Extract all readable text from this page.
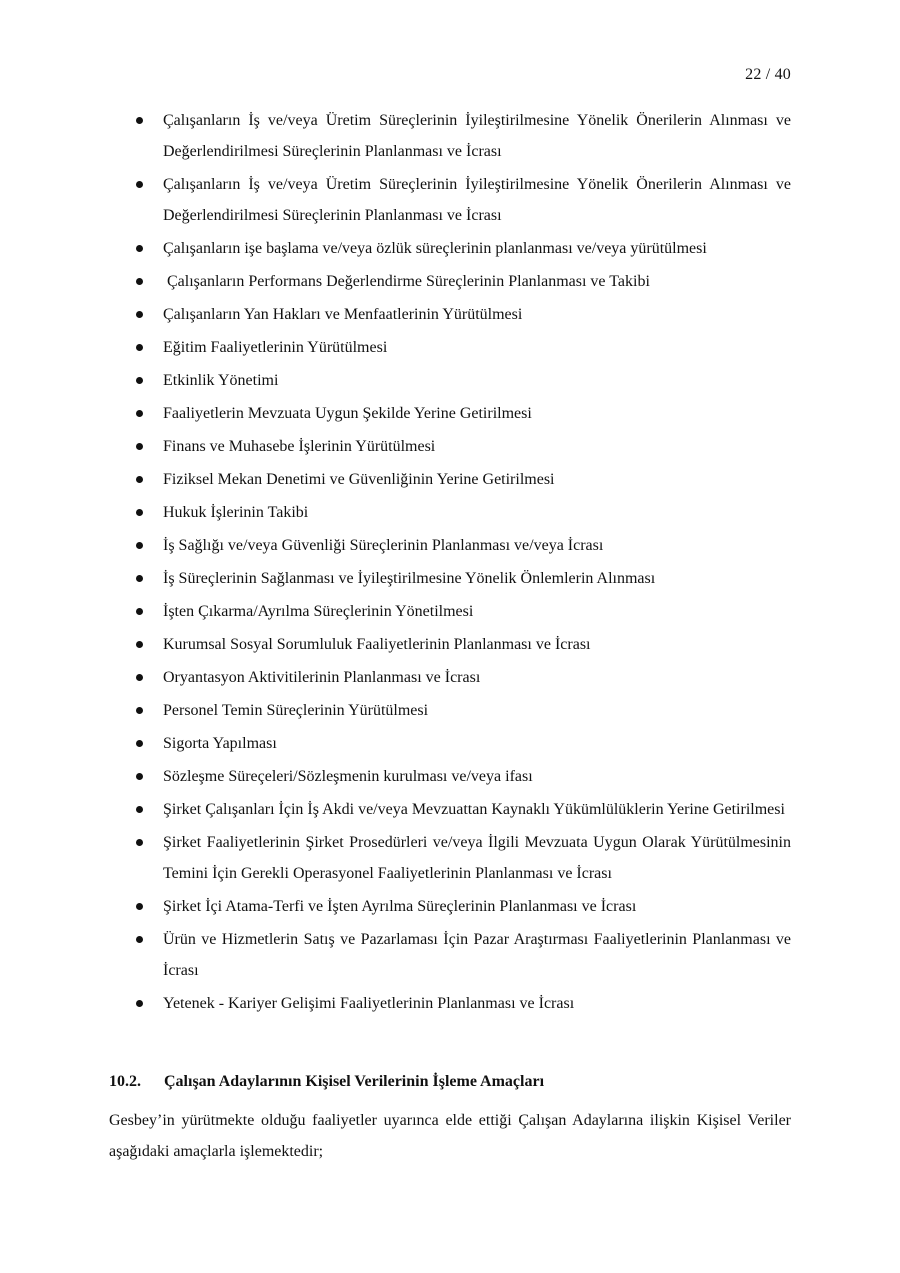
22 / 40
Çalışanların İş ve/veya Üretim Süreçlerinin İyileştirilmesine Yönelik Önerilerin Alınması ve Değerlendirilmesi Süreçlerinin Planlanması ve İcrası
Çalışanların İş ve/veya Üretim Süreçlerinin İyileştirilmesine Yönelik Önerilerin Alınması ve Değerlendirilmesi Süreçlerinin Planlanması ve İcrası
Çalışanların işe başlama ve/veya özlük süreçlerinin planlanması ve/veya yürütülmesi
Çalışanların Performans Değerlendirme Süreçlerinin Planlanması ve Takibi
Çalışanların Yan Hakları ve Menfaatlerinin Yürütülmesi
Eğitim Faaliyetlerinin Yürütülmesi
Etkinlik Yönetimi
Faaliyetlerin Mevzuata Uygun Şekilde Yerine Getirilmesi
Finans ve Muhasebe İşlerinin Yürütülmesi
Fiziksel Mekan Denetimi ve Güvenliğinin Yerine Getirilmesi
Hukuk İşlerinin Takibi
İş Sağlığı ve/veya Güvenliği Süreçlerinin Planlanması ve/veya İcrası
İş Süreçlerinin Sağlanması ve İyileştirilmesine Yönelik Önlemlerin Alınması
İşten Çıkarma/Ayrılma Süreçlerinin Yönetilmesi
Kurumsal Sosyal Sorumluluk Faaliyetlerinin Planlanması ve İcrası
Oryantasyon Aktivitilerinin Planlanması ve İcrası
Personel Temin Süreçlerinin Yürütülmesi
Sigorta Yapılması
Sözleşme Süreçeleri/Sözleşmenin kurulması ve/veya ifası
Şirket Çalışanları İçin İş Akdi ve/veya Mevzuattan Kaynaklı Yükümlülüklerin Yerine Getirilmesi
Şirket Faaliyetlerinin Şirket Prosedürleri ve/veya İlgili Mevzuata Uygun Olarak Yürütülmesinin Temini İçin Gerekli Operasyonel Faaliyetlerinin Planlanması ve İcrası
Şirket İçi Atama-Terfi ve İşten Ayrılma Süreçlerinin Planlanması ve İcrası
Ürün ve Hizmetlerin Satış ve Pazarlaması İçin Pazar Araştırması Faaliyetlerinin Planlanması ve İcrası
Yetenek - Kariyer Gelişimi Faaliyetlerinin Planlanması ve İcrası
10.2. Çalışan Adaylarının Kişisel Verilerinin İşleme Amaçları

Gesbey’in yürütmekte olduğu faaliyetler uyarınca elde ettiği Çalışan Adaylarına ilişkin Kişisel Veriler aşağıdaki amaçlarla işlemektedir;
